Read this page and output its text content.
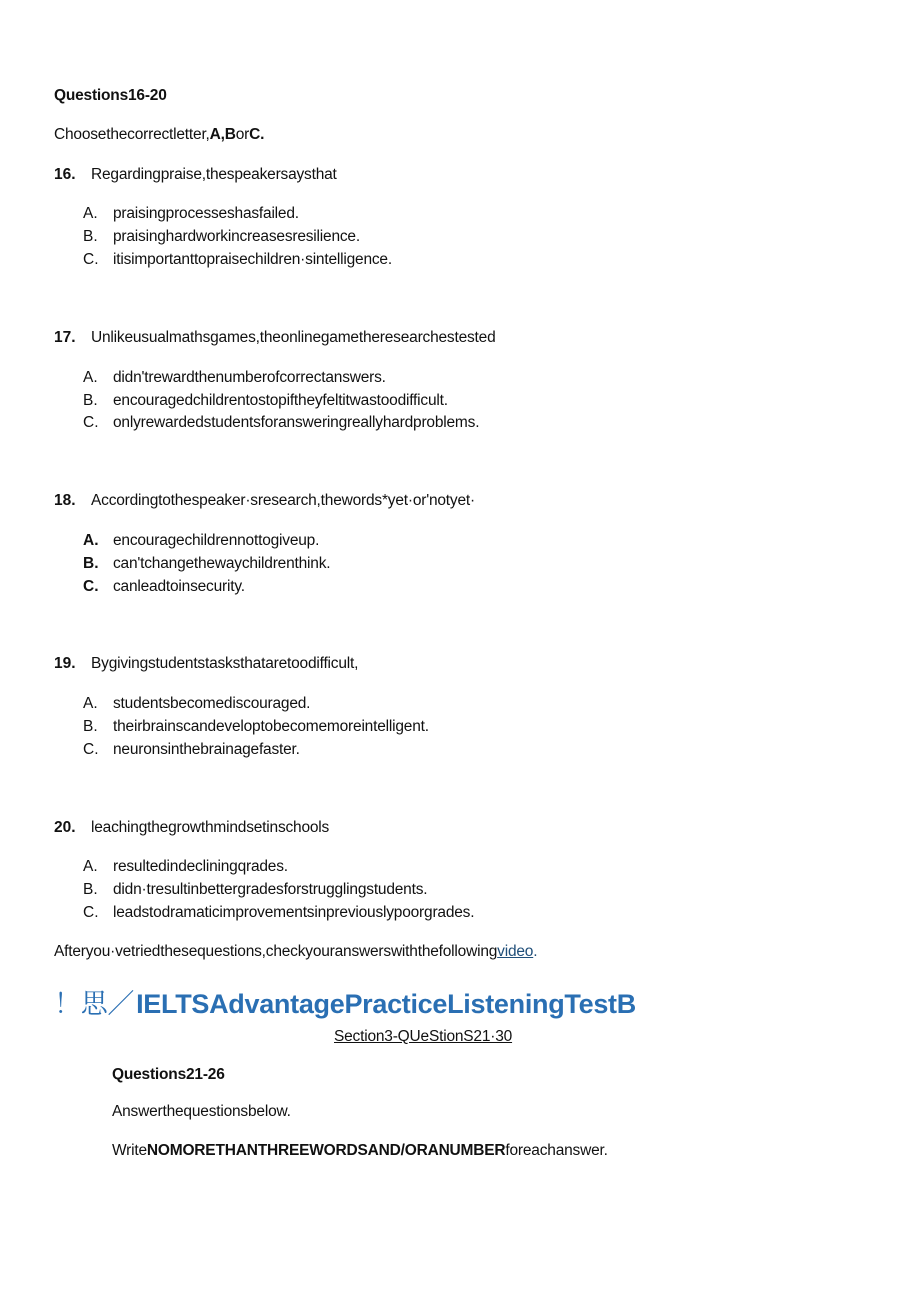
Questions16-20
Choosethecorrectletter,A,BorC.
16. Regardingpraise,thespeakersaysthat
A. praisingprocesseshasfailed.
B. praisinghardworkincreasesresilience.
C. itisimportanttopraisechildren·sintelligence.
17. Unlikeusualmathsgames,theonlinegametheresearchestested
A. didn'trewardthenumberofcorrectanswers.
B. encouragedchildrentostopiftheyfeltitwastoodifficult.
C. onlyrewardedstudentsforansweringreallyhardproblems.
18. Accordingtothespeaker·sresearch,thewords*yet·or'notyet·
A. encouragechildrennottogiveup.
B. can'tchangethewaychildrenthink.
C. canleadtoinsecurity.
19. Bygivingstudentstasksthataretoodifficult,
A. studentsbecomediscouraged.
B. theirbrainscandeveloptobecomemoreintelligent.
C. neuronsinthebrainagefaster.
20. leachingthegrowthmindsetinschools
A. resultedindecliningqrades.
B. didn·tresultinbettergradesforstrugglingstudents.
C. leadstodramaticimprovementsinpreviouslypoorgrades.
Afteryou·vetriedthesequestions,checkyouranswerswiththefollowingvideo.
！思／IELTSAdvantagePracticeListeningTestB
Section3-QUeStionS21·30
Questions21-26
Answerthequestionsbelow.
WriteNOMORETHANTHREEWORDSAND/ORANUMBERforeachanswer.
